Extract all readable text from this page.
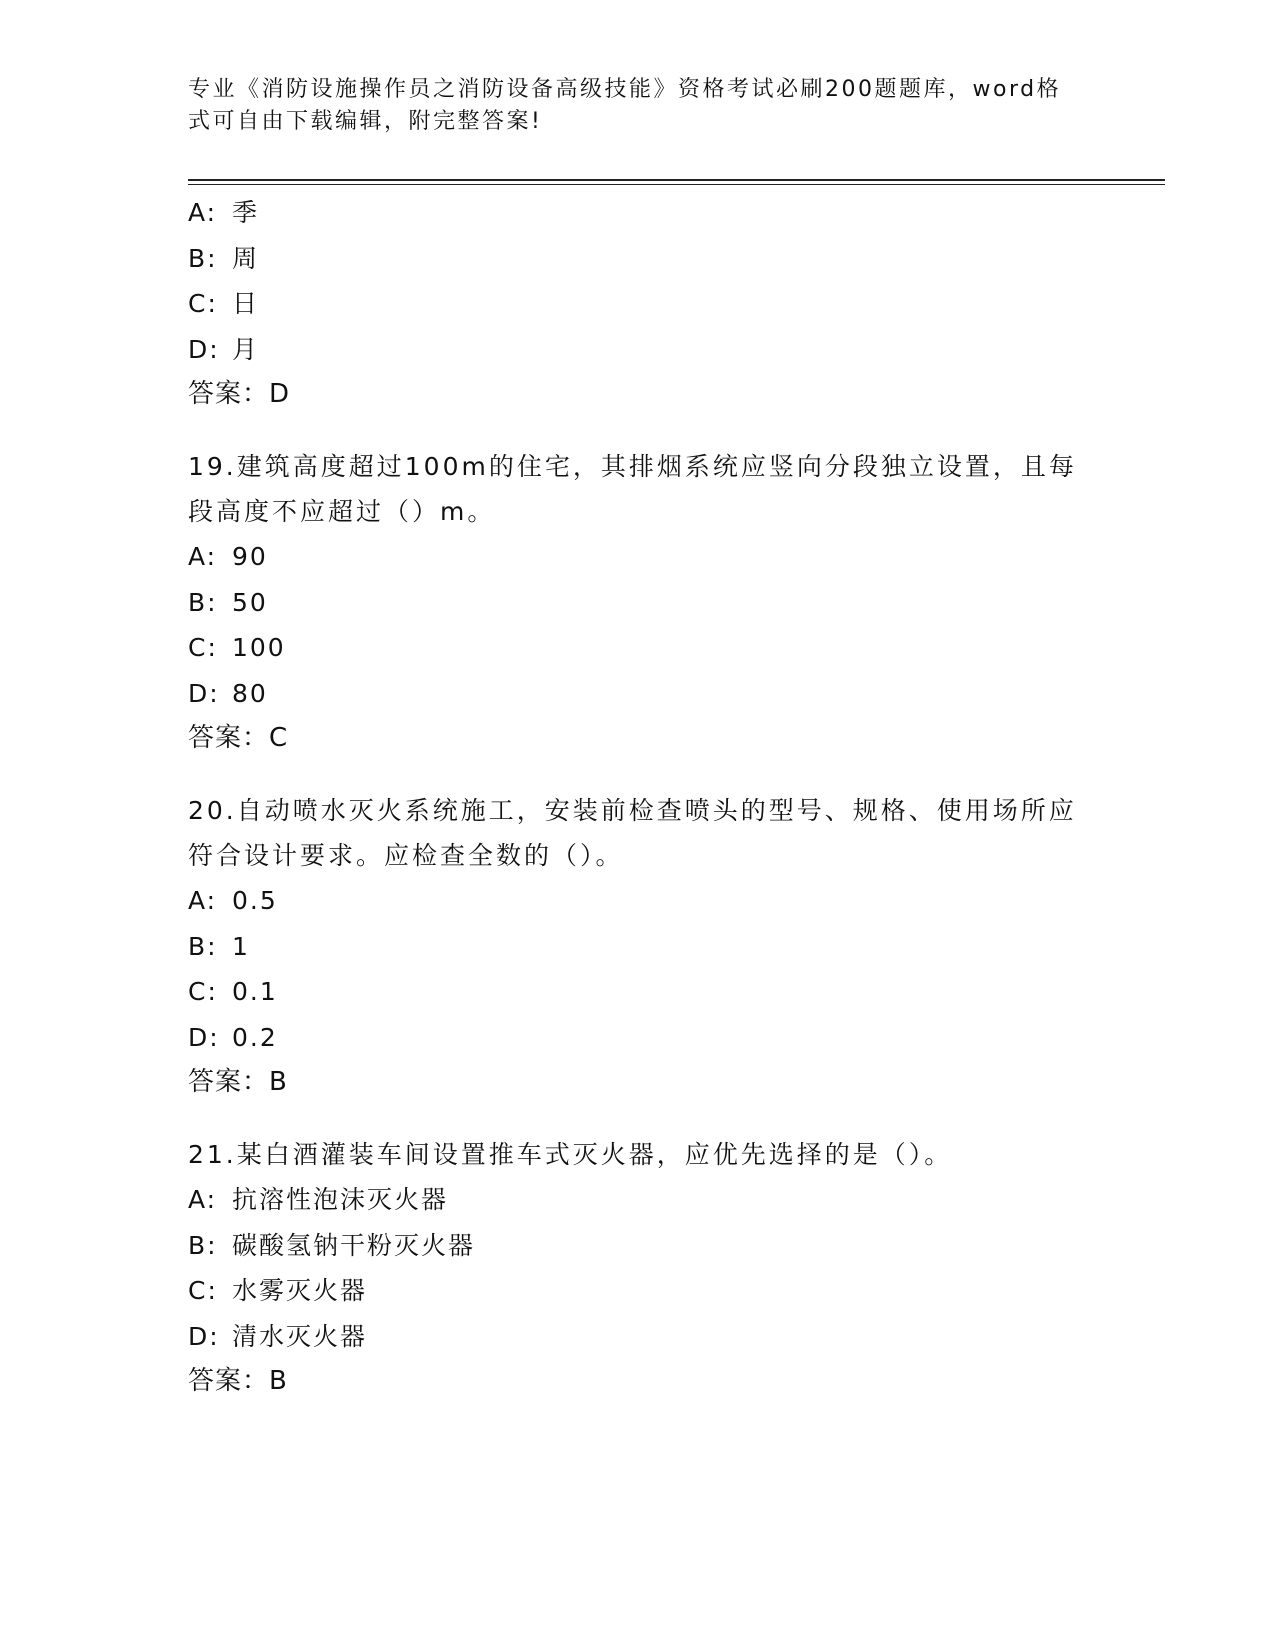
专业《消防设施操作员之消防设备高级技能》资格考试必刷200题题库，word格式可自由下载编辑，附完整答案!
A: 季
B: 周
C: 日
D: 月
答案：D
19.建筑高度超过100m的住宅，其排烟系统应竖向分段独立设置，且每段高度不应超过（）m。
A: 90
B: 50
C: 100
D: 80
答案：C
20.自动喷水灭火系统施工，安装前检查喷头的型号、规格、使用场所应符合设计要求。应检查全数的（）。
A: 0.5
B: 1
C: 0.1
D: 0.2
答案：B
21.某白酒灌装车间设置推车式灭火器，应优先选择的是（）。
A: 抗溶性泡沫灭火器
B: 碳酸氢钠干粉灭火器
C: 水雾灭火器
D: 清水灭火器
答案：B
